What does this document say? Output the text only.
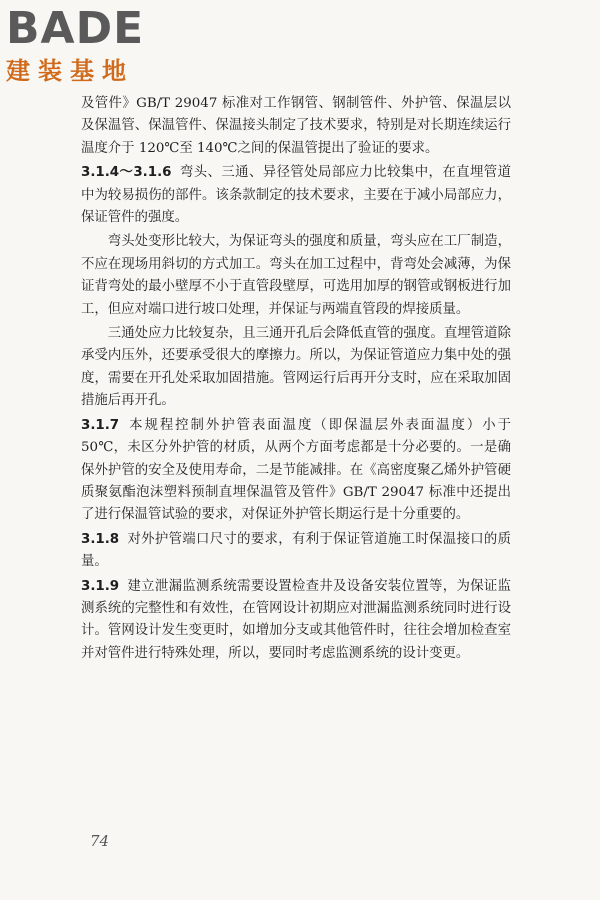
BADE
建装基地

及管件》GB/T 29047 标准对工作钢管、钢制管件、外护管、保温层以及保温管、保温管件、保温接头制定了技术要求，特别是对长期连续运行温度介于 120℃至 140℃之间的保温管提出了验证的要求。

3.1.4～3.1.6 弯头、三通、异径管处局部应力比较集中，在直埋管道中为较易损伤的部件。该条款制定的技术要求，主要在于减小局部应力，保证管件的强度。

弯头处变形比较大，为保证弯头的强度和质量，弯头应在工厂制造，不应在现场用斜切的方式加工。弯头在加工过程中，背弯处会减薄，为保证背弯处的最小壁厚不小于直管段壁厚，可选用加厚的钢管或钢板进行加工，但应对端口进行坡口处理，并保证与两端直管段的焊接质量。

三通处应力比较复杂，且三通开孔后会降低直管的强度。直埋管道除承受内压外，还要承受很大的摩擦力。所以，为保证管道应力集中处的强度，需要在开孔处采取加固措施。管网运行后再开分支时，应在采取加固措施后再开孔。

3.1.7 本规程控制外护管表面温度（即保温层外表面温度）小于 50℃，未区分外护管的材质，从两个方面考虑都是十分必要的。一是确保外护管的安全及使用寿命，二是节能减排。在《高密度聚乙烯外护管硬质聚氨酯泡沫塑料预制直埋保温管及管件》GB/T 29047 标准中还提出了进行保温管试验的要求，对保证外护管长期运行是十分重要的。

3.1.8 对外护管端口尺寸的要求，有利于保证管道施工时保温接口的质量。

3.1.9 建立泄漏监测系统需要设置检查井及设备安装位置等，为保证监测系统的完整性和有效性，在管网设计初期应对泄漏监测系统同时进行设计。管网设计发生变更时，如增加分支或其他管件时，往往会增加检查室并对管件进行特殊处理，所以，要同时考虑监测系统的设计变更。

74
